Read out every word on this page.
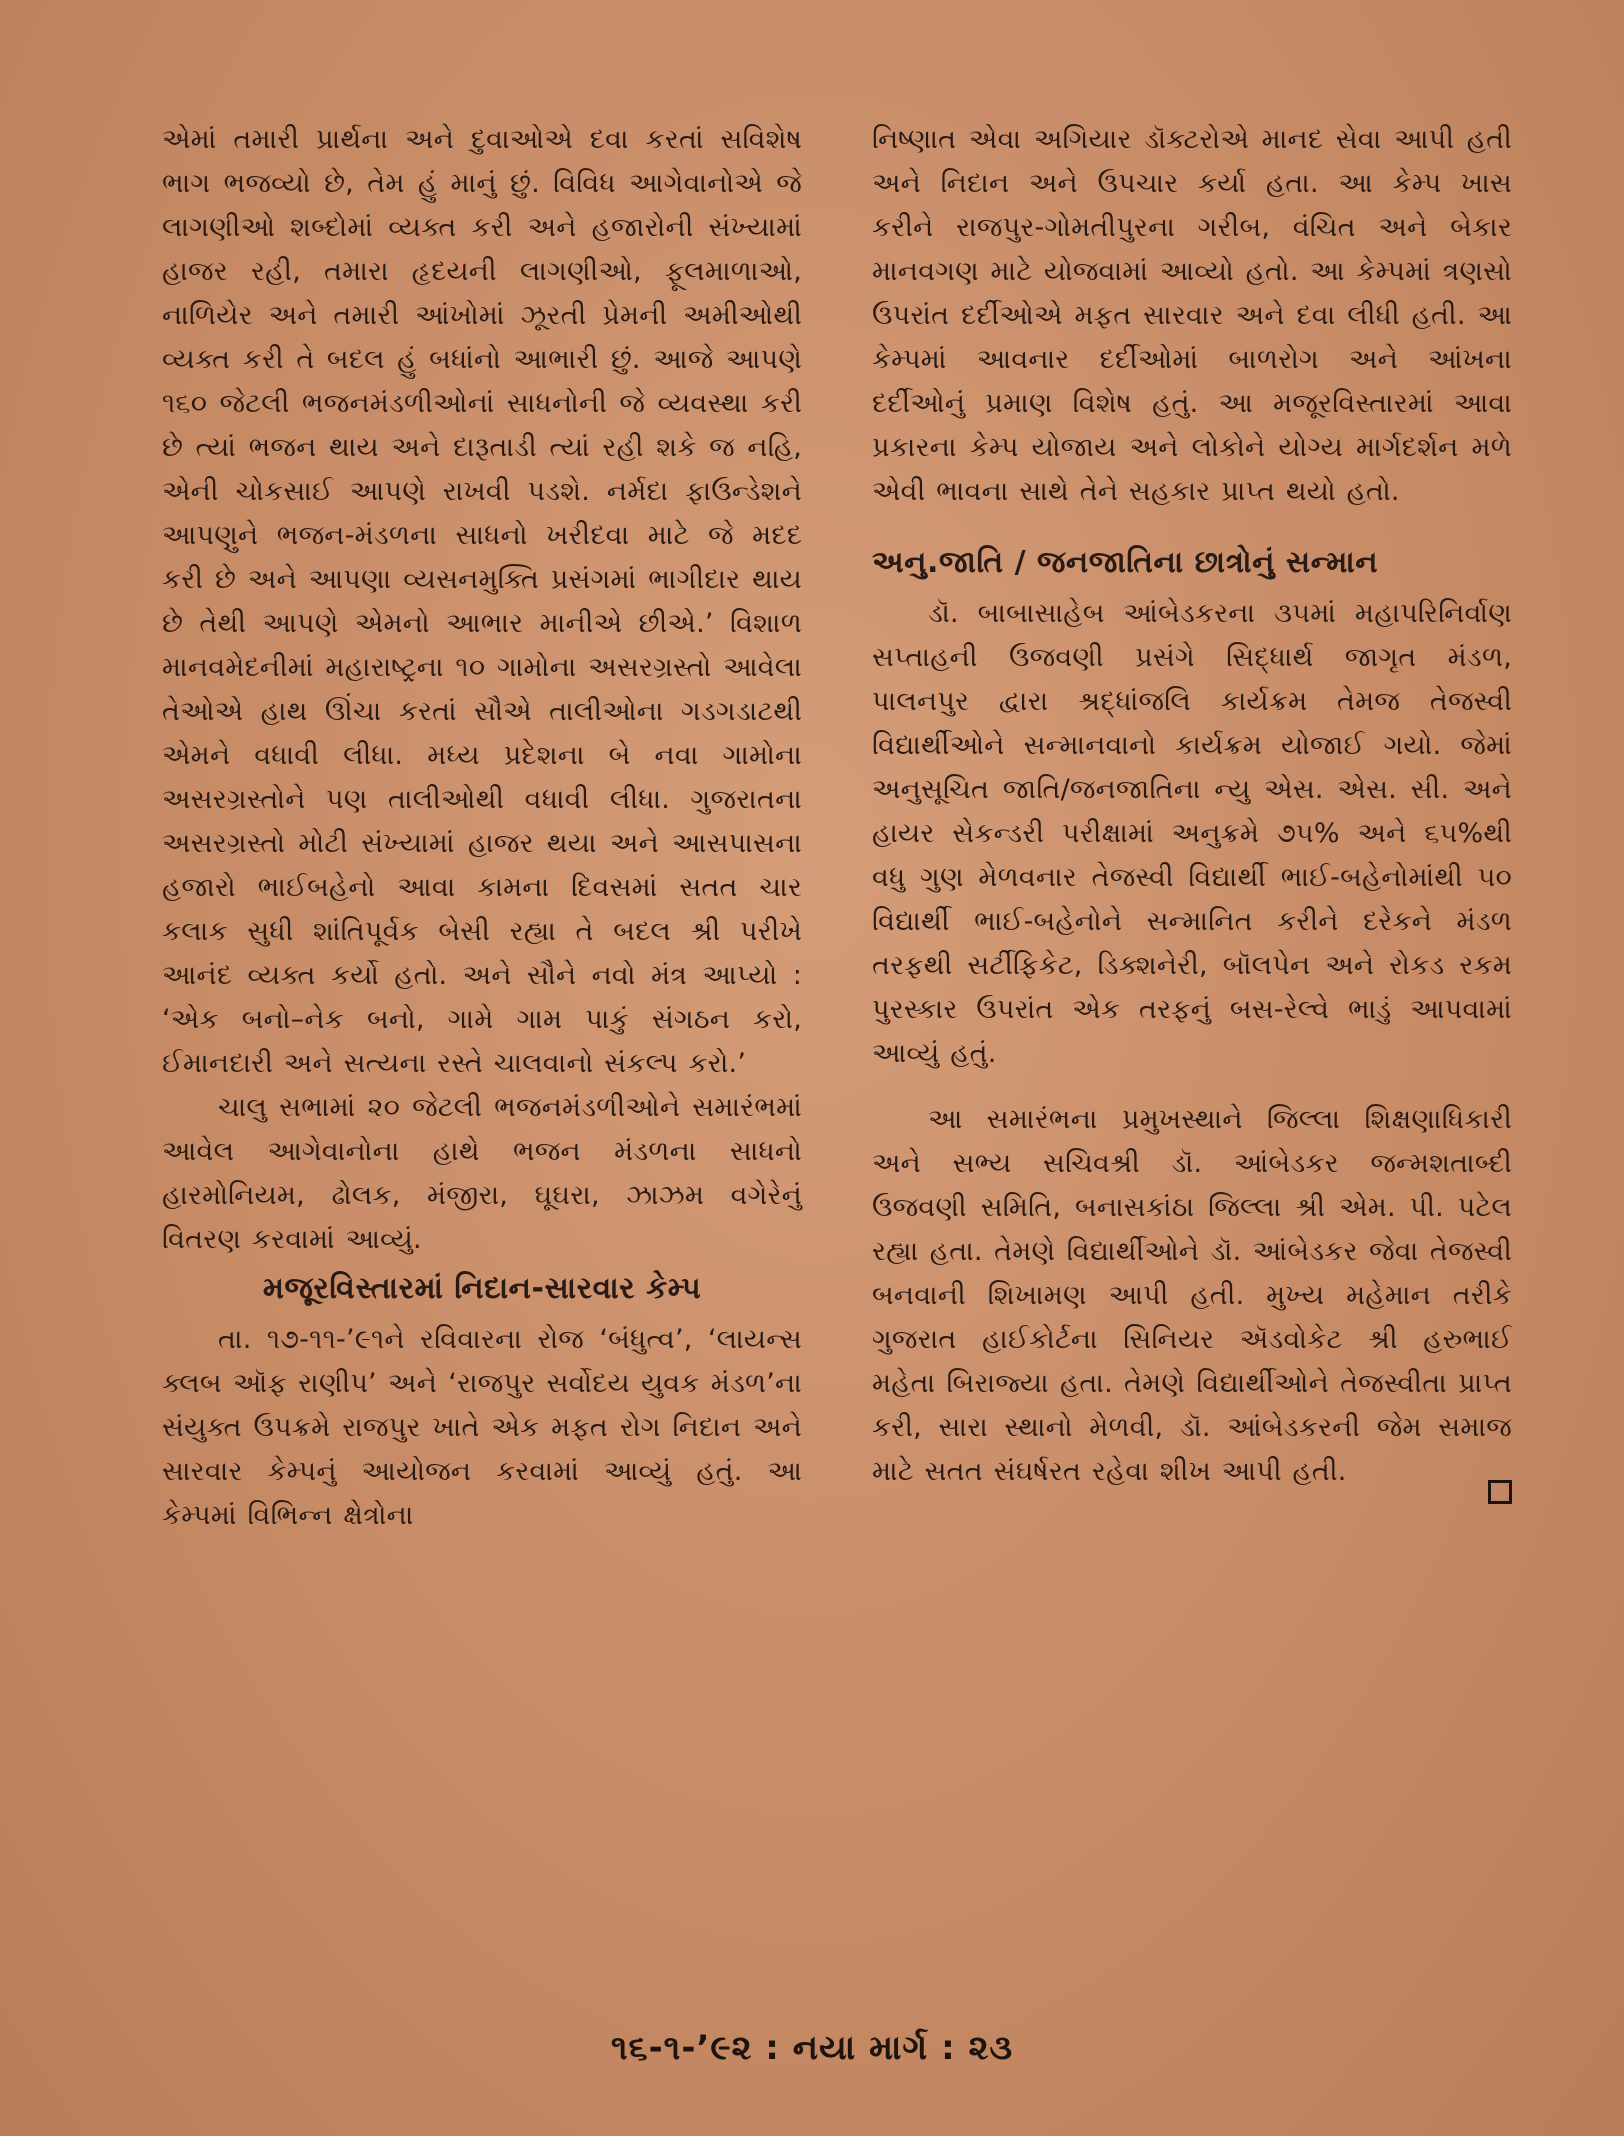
એમાં તમારી પ્રાર્થના અને દુવાઓએ દવા કરતાં સવિશેષ ભાગ ભજવ્યો છે, તેમ હું માનું છું. વિવિધ આગેવાનોએ જે લાગણીઓ શબ્દોમાં વ્યક્ત કરી અને હજારોની સંખ્યામાં હાજર રહી, તમારા હૃદયની લાગણીઓ, ફૂલમાળાઓ, નાળિયેર અને તમારી આંખોમાં ઝૂરતી પ્રેમની અમીઓથી વ્યક્ત કરી તે બદલ હું બધાંનો આભારી છું. આજે આપણે ૧૬૦ જેટલી ભજનમંડળીઓનાં સાધનોની જે વ્યવસ્થા કરી છે ત્યાં ભજન થાય અને દારૂતાડી ત્યાં રહી શકે જ નહિ, એની ચોકસાઈ આપણે રાખવી પડશે. નર્મદા ફાઉન્ડેશને આપણુને ભજન-મંડળના સાધનો ખરીદવા માટે જે મદદ કરી છે અને આપણા વ્યસનમુક્તિ પ્રસંગમાં ભાગીદાર થાય છે તેથી આપણે એમનો આભાર માનીએ છીએ.’ વિશાળ માનવમેદનીમાં મહારાષ્ટ્રના ૧૦ ગામોના અસરગ્રસ્તો આવેલા તેઓએ હાથ ઊંચા કરતાં સૌએ તાલીઓના ગડગડાટથી એમને વધાવી લીધા. મધ્ય પ્રદેશના બે નવા ગામોના અસરગ્રસ્તોને પણ તાલીઓથી વધાવી લીધા. ગુજરાતના અસરગ્રસ્તો મોટી સંખ્યામાં હાજર થયા અને આસપાસના હજારો ભાઈબહેનો આવા કામના દિવસમાં સતત ચાર કલાક સુધી શાંતિપૂર્વક બેસી રહ્યા તે બદલ શ્રી પરીખે આનંદ વ્યક્ત કર્યો હતો. અને સૌને નવો મંત્ર આપ્યો : ‘એક બનો–નેક બનો, ગામે ગામ પાકું સંગઠન કરો, ઈમાનદારી અને સત્યના રસ્તે ચાલવાનો સંકલ્પ કરો.’

ચાલુ સભામાં ૨૦ જેટલી ભજનમંડળીઓને સમારંભમાં આવેલ આગેવાનોના હાથે ભજન મંડળના સાધનો હારમોનિયમ, ઢોલક, મંજીરા, ઘૂઘરા, ઝાઝમ વગેરેનું વિતરણ કરવામાં આવ્યું.

મજૂરવિસ્તારમાં નિદાન-સારવાર કેમ્પ

તા. ૧૭-૧૧-’૯૧ને રવિવારના રોજ ‘બંધુત્વ’, ‘લાયન્સ ક્લબ ઑફ રાણીપ’ અને ‘રાજપુર સર્વોદય યુવક મંડળ’ના સંયુક્ત ઉપક્રમે રાજપુર ખાતે એક મફત રોગ નિદાન અને સારવાર કેમ્પનું આયોજન કરવામાં આવ્યું હતું. આ કેમ્પમાં વિભિન્ન ક્ષેત્રોના

નિષ્ણાત એવા અગિયાર ડૉક્ટરોએ માનદ સેવા આપી હતી અને નિદાન અને ઉપચાર કર્યા હતા. આ કેમ્પ ખાસ કરીને રાજપુર-ગોમતીપુરના ગરીબ, વંચિત અને બેકાર માનવગણ માટે યોજવામાં આવ્યો હતો. આ કેમ્પમાં ત્રણસો ઉપરાંત દર્દીઓએ મફત સારવાર અને દવા લીધી હતી. આ કેમ્પમાં આવનાર દર્દીઓમાં બાળરોગ અને આંખના દર્દીઓનું પ્રમાણ વિશેષ હતું. આ મજૂરવિસ્તારમાં આવા પ્રકારના કેમ્પ યોજાય અને લોકોને યોગ્ય માર્ગદર્શન મળે એવી ભાવના સાથે તેને સહકાર પ્રાપ્ત થયો હતો.

અનુ.જાતિ / જનજાતિના છાત્રોનું સન્માન

ડૉ. બાબાસાહેબ આંબેડકરના ૩૫માં મહાપરિનિર્વાણ સપ્તાહની ઉજવણી પ્રસંગે સિદ્ધાર્થ જાગૃત મંડળ, પાલનપુર દ્વારા શ્રદ્ધાંજલિ કાર્યક્રમ તેમજ તેજસ્વી વિદ્યાર્થીઓને સન્માનવાનો કાર્યક્રમ યોજાઈ ગયો. જેમાં અનુસૂચિત જાતિ/જનજાતિના ન્યુ એસ. એસ. સી. અને હાયર સેકન્ડરી પરીક્ષામાં અનુક્રમે ૭૫% અને ૬૫%થી વધુ ગુણ મેળવનાર તેજસ્વી વિદ્યાર્થી ભાઈ-બહેનોમાંથી ૫૦ વિદ્યાર્થી ભાઈ-બહેનોને સન્માનિત કરીને દરેકને મંડળ તરફથી સર્ટીફિકેટ, ડિક્શનેરી, બૉલપેન અને રોકડ રકમ પુરસ્કાર ઉપરાંત એક તરફનું બસ-રેલ્વે ભાડું આપવામાં આવ્યું હતું.

આ સમારંભના પ્રમુખસ્થાને જિલ્લા શિક્ષણાધિકારી અને સભ્ય સચિવશ્રી ડૉ. આંબેડકર જન્મશતાબ્દી ઉજવણી સમિતિ, બનાસકાંઠા જિલ્લા શ્રી એમ. પી. પટેલ રહ્યા હતા. તેમણે વિદ્યાર્થીઓને ડૉ. આંબેડકર જેવા તેજસ્વી બનવાની શિખામણ આપી હતી. મુખ્ય મહેમાન તરીકે ગુજરાત હાઈકોર્ટના સિનિયર ઍડવોકેટ શ્રી હરુભાઈ મહેતા બિરાજ્યા હતા. તેમણે વિદ્યાર્થીઓને તેજસ્વીતા પ્રાપ્ત કરી, સારા સ્થાનો મેળવી, ડૉ. આંબેડકરની જેમ સમાજ માટે સતત સંઘર્ષરત રહેવા શીખ આપી હતી.

૧૬-૧-’૯૨ : નયા માર્ગ : ૨૩
